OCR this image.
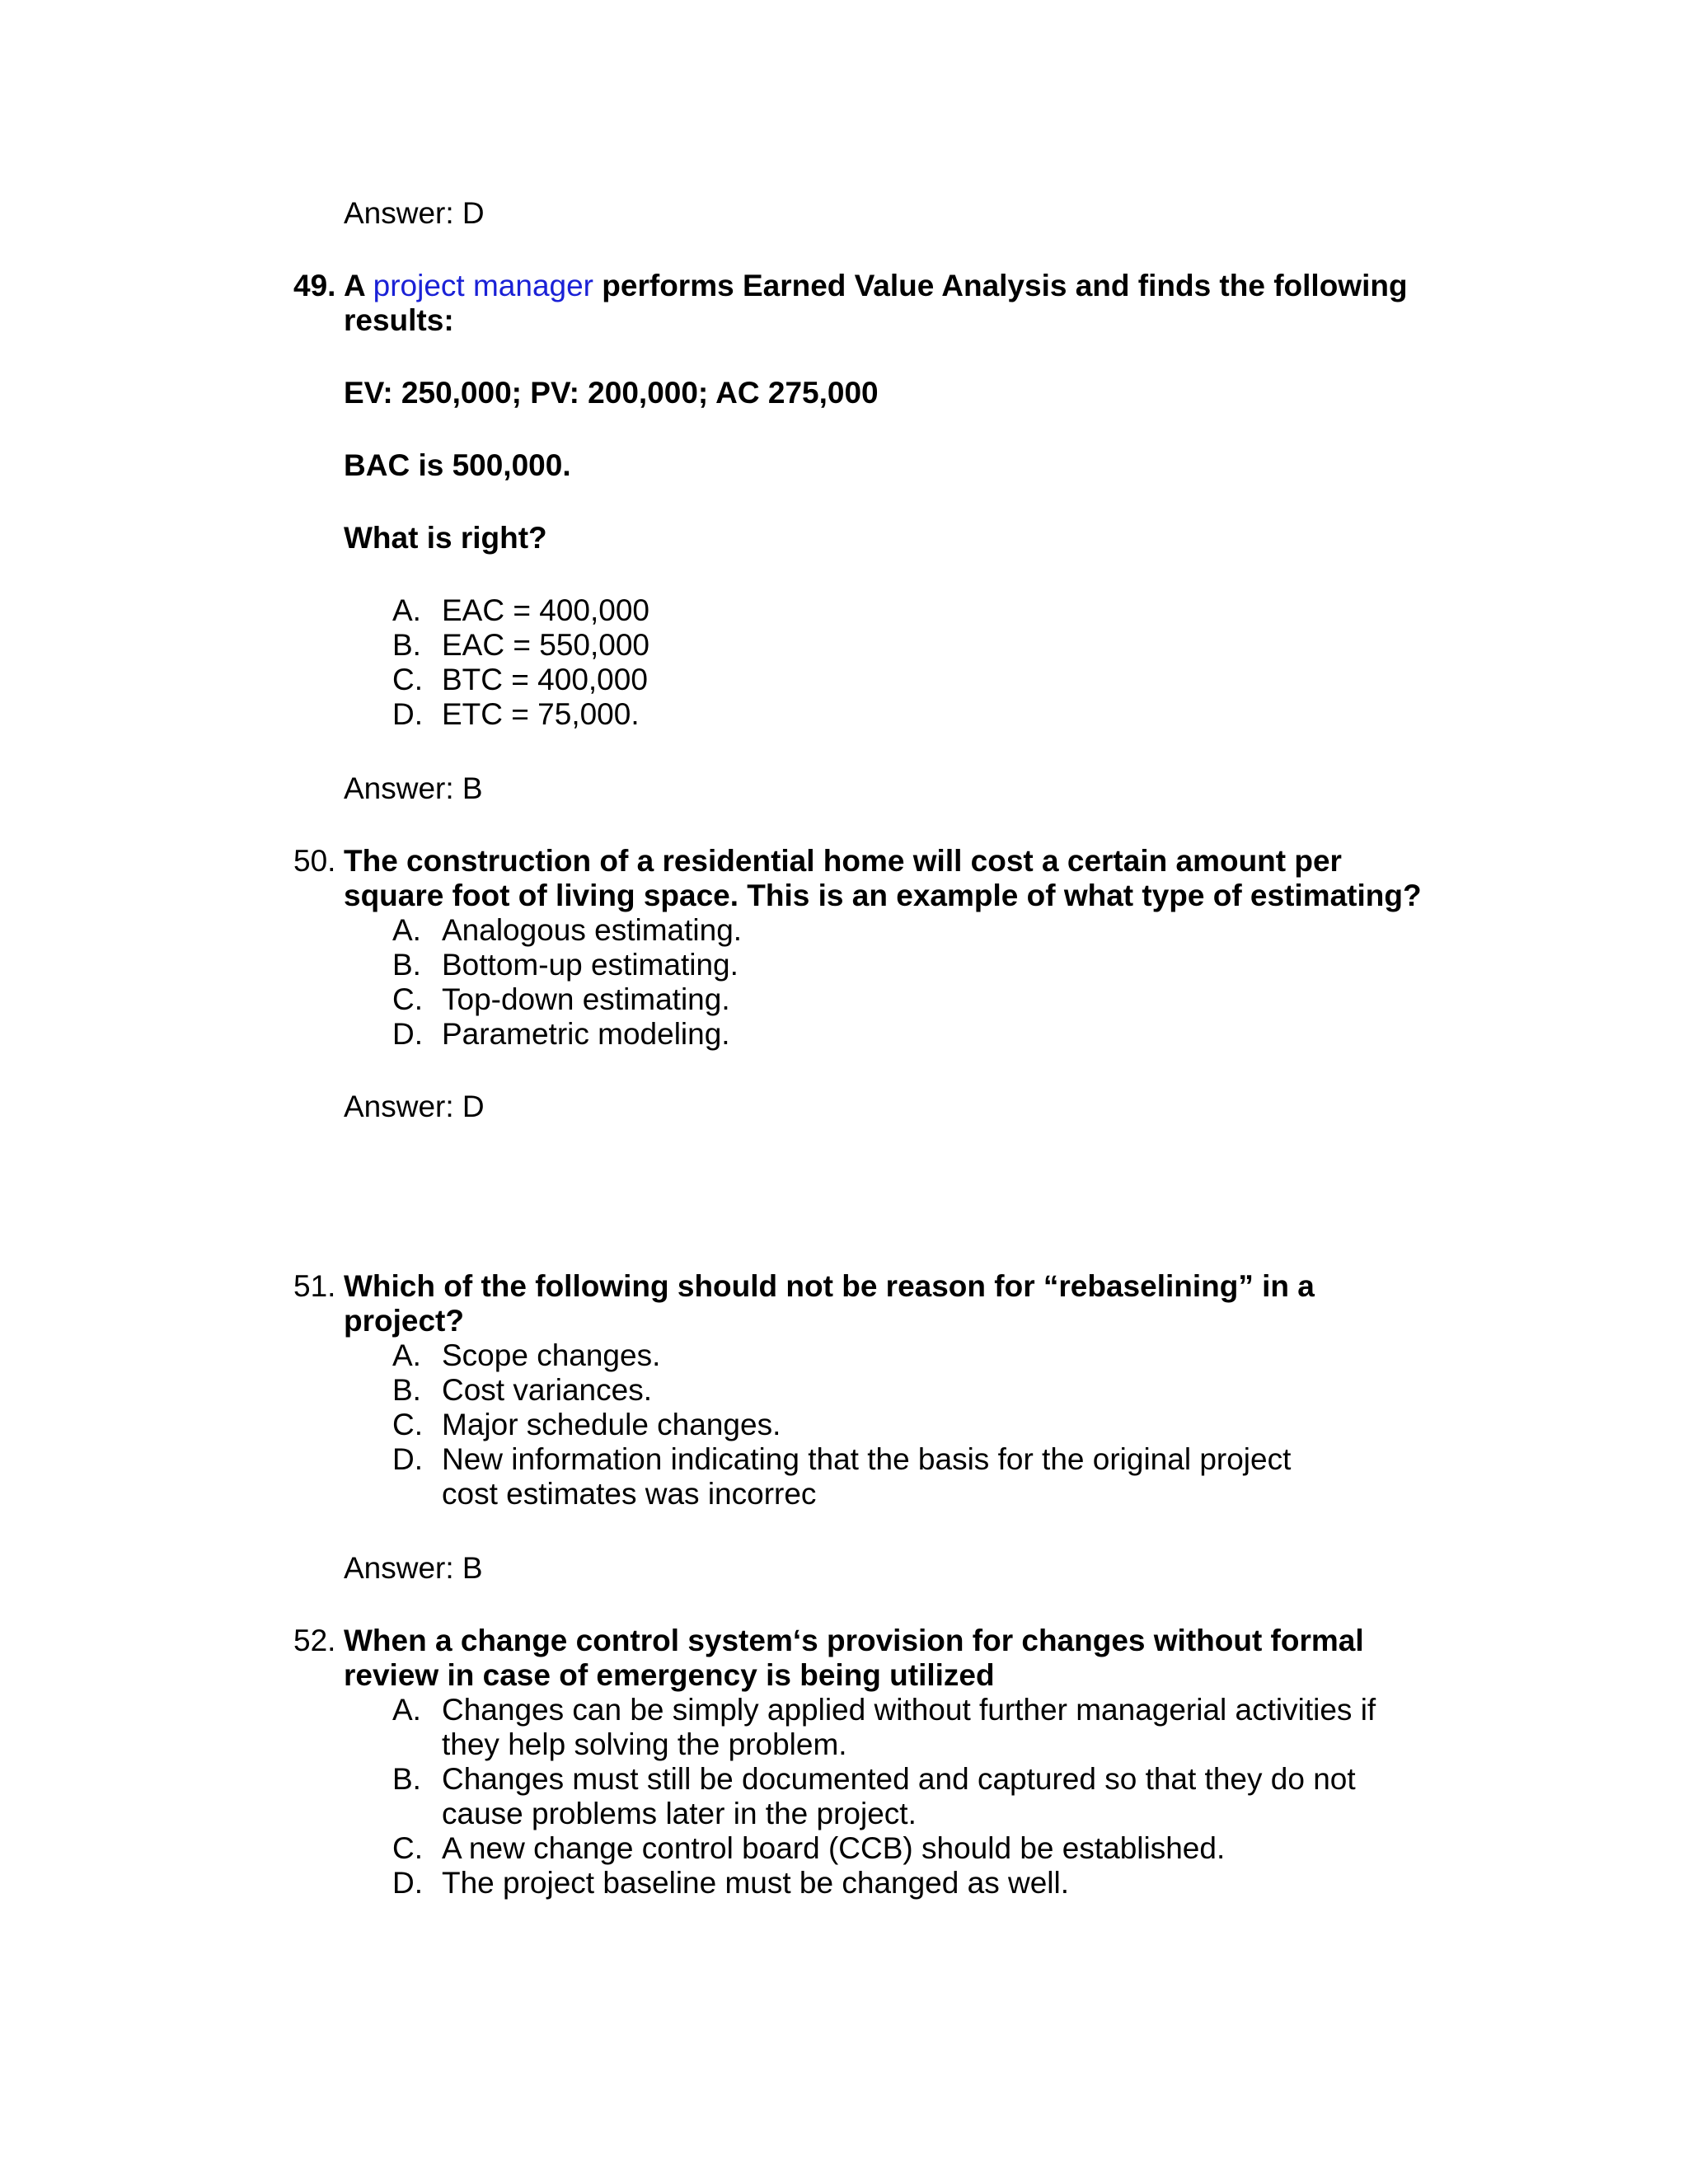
Answer: D
49. A project manager performs Earned Value Analysis and finds the following results:
EV: 250,000; PV: 200,000; AC 275,000
BAC is 500,000.
What is right?
A. EAC = 400,000
B. EAC = 550,000
C. BTC = 400,000
D. ETC = 75,000.
Answer: B
50. The construction of a residential home will cost a certain amount per square foot of living space. This is an example of what type of estimating?
A. Analogous estimating.
B. Bottom-up estimating.
C. Top-down estimating.
D. Parametric modeling.
Answer: D
51. Which of the following should not be reason for “rebaselining” in a project?
A. Scope changes.
B. Cost variances.
C. Major schedule changes.
D. New information indicating that the basis for the original project cost estimates was incorrec
Answer: B
52. When a change control system‘s provision for changes without formal review in case of emergency is being utilized
A. Changes can be simply applied without further managerial activities if they help solving the problem.
B. Changes must still be documented and captured so that they do not cause problems later in the project.
C. A new change control board (CCB) should be established.
D. The project baseline must be changed as well.
